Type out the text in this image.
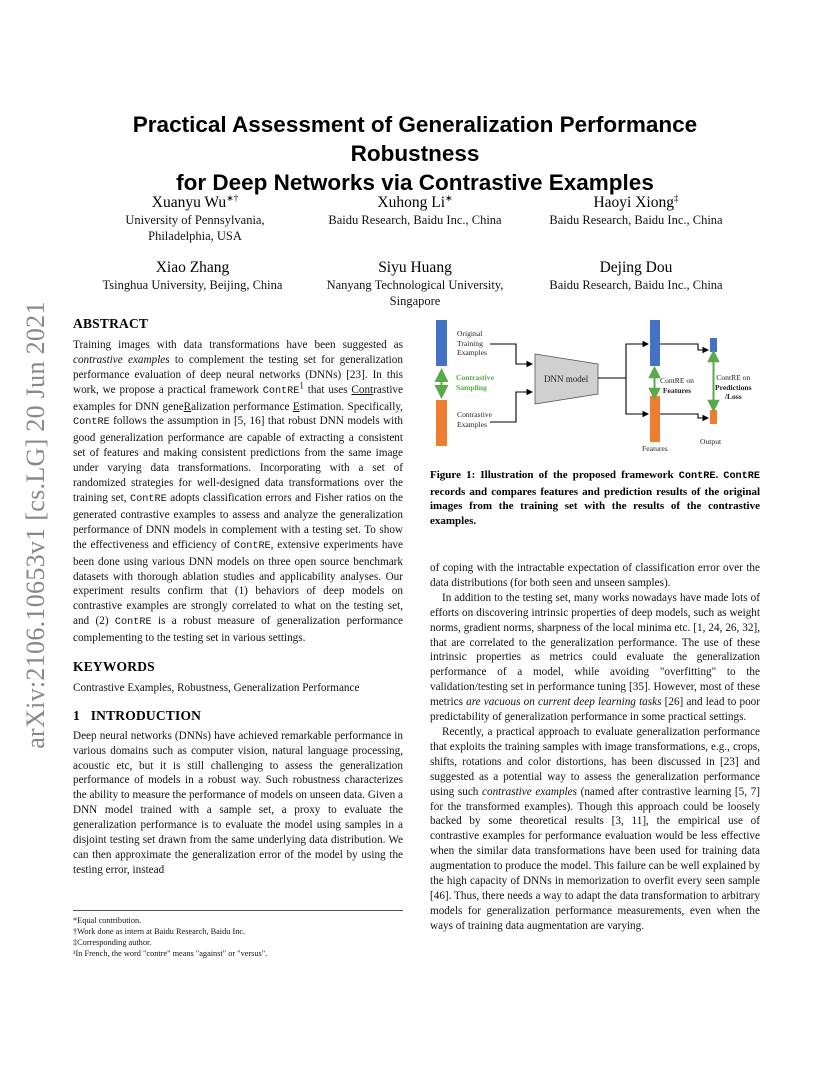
arXiv:2106.10653v1 [cs.LG] 20 Jun 2021
Practical Assessment of Generalization Performance Robustness
for Deep Networks via Contrastive Examples
Xuanyu Wu∗†
University of Pennsylvania,
Philadelphia, USA
Xuhong Li∗
Baidu Research, Baidu Inc., China
Haoyi Xiong‡
Baidu Research, Baidu Inc., China
Xiao Zhang
Tsinghua University, Beijing, China
Siyu Huang
Nanyang Technological University,
Singapore
Dejing Dou
Baidu Research, Baidu Inc., China
ABSTRACT

Training images with data transformations have been suggested as contrastive examples to complement the testing set for generalization performance evaluation of deep neural networks (DNNs) [23]. In this work, we propose a practical framework ContRE$^1$ that uses Contrastive examples for DNN geneRalization performance Estimation. Specifically, ContRE follows the assumption in [5, 16] that robust DNN models with good generalization performance are capable of extracting a consistent set of features and making consistent predictions from the same image under varying data transformations. Incorporating with a set of randomized strategies for well-designed data transformations over the training set, ContRE adopts classification errors and Fisher ratios on the generated contrastive examples to assess and analyze the generalization performance of DNN models in complement with a testing set. To show the effectiveness and efficiency of ContRE, extensive experiments have been done using various DNN models on three open source benchmark datasets with thorough ablation studies and applicability analyses. Our experiment results confirm that (1) behaviors of deep models on contrastive examples are strongly correlated to what on the testing set, and (2) ContRE is a robust measure of generalization performance complementing to the testing set in various settings.

KEYWORDS

Contrastive Examples, Robustness, Generalization Performance

1 INTRODUCTION

Deep neural networks (DNNs) have achieved remarkable performance in various domains such as computer vision, natural language processing, acoustic etc, but it is still challenging to assess the generalization performance of models in a robust way. Such robustness characterizes the ability to measure the performance of models on unseen data. Given a DNN model trained with a sample set, a proxy to evaluate the generalization performance is to evaluate the model using samples in a disjoint testing set drawn from the same underlying data distribution. We can then approximate the generalization error of the model by using the testing error, instead

*Equal contribution.
†Work done as intern at Baidu Research, Baidu Inc.
‡Corresponding author.
¹In French, the word "contre" means "against" or "versus".
Original
Training
Examples
Contrastive
Sampling
Contrastive
Examples
DNN model	ContRE on
Features
ContRE on
Predictions
/Loss
Features
Output
Figure 1: Illustration of the proposed framework ContRE. ContRE records and compares features and prediction results of the original images from the training set with the results of the contrastive examples.

of coping with the intractable expectation of classification error over the data distributions (for both seen and unseen samples).

In addition to the testing set, many works nowadays have made lots of efforts on discovering intrinsic properties of deep models, such as weight norms, gradient norms, sharpness of the local minima etc. [1, 24, 26, 32], that are correlated to the generalization performance. The use of these intrinsic properties as metrics could evaluate the generalization performance of a model, while avoiding "overfitting" to the validation/testing set in performance tuning [35]. However, most of these metrics are vacuous on current deep learning tasks [26] and lead to poor predictability of generalization performance in some practical settings.

Recently, a practical approach to evaluate generalization performance that exploits the training samples with image transformations, e.g., crops, shifts, rotations and color distortions, has been discussed in [23] and suggested as a potential way to assess the generalization performance using such contrastive examples (named after contrastive learning [5, 7] for the transformed examples). Though this approach could be loosely backed by some theoretical results [3, 11], the empirical use of contrastive examples for performance evaluation would be less effective when the similar data transformations have been used for training data augmentation to produce the model. This failure can be well explained by the high capacity of DNNs in memorization to overfit every seen sample [46]. Thus, there needs a way to adapt the data transformation to arbitrary models for generalization performance measurements, even when the ways of training data augmentation are varying.
